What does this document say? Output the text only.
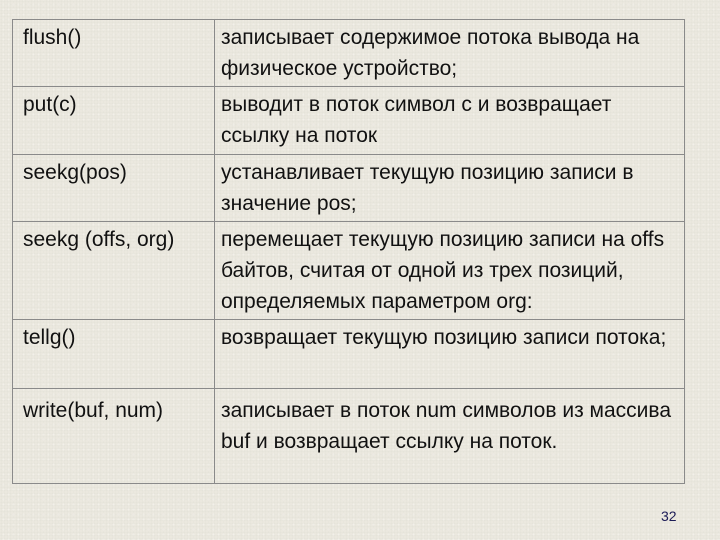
flush()	записывает содержимое потока вывода на физическое устройство;
put(c)	выводит в поток символ с и возвращает ссылку на поток
seekg(pos)	устанавливает текущую позицию записи в значение pos;
seekg (offs, org)	перемещает текущую позицию записи на offs байтов, считая от одной из трех позиций, определяемых параметром org:
tellg()	возвращает текущую позицию записи потока;
write(buf, num)	записывает в поток num символов из массива buf и возвращает ссылку на поток.
32
